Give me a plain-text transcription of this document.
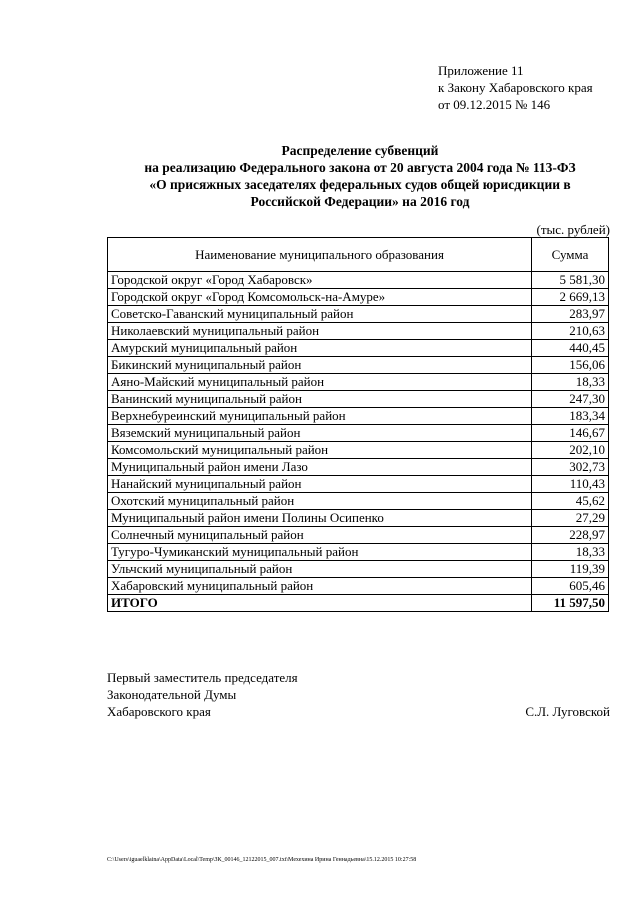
Приложение 11
к Закону Хабаровского края
от 09.12.2015 № 146
Распределение субвенций
на реализацию Федерального закона от 20 августа 2004 года № 113-ФЗ
«О присяжных заседателях федеральных судов общей юрисдикции в
Российской Федерации» на 2016 год
(тыс. рублей)
Наименование муниципального образования	Сумма
Городской округ «Город Хабаровск»	5 581,30
Городской округ «Город Комсомольск-на-Амуре»	2 669,13
Советско-Гаванский муниципальный район	283,97
Николаевский муниципальный район	210,63
Амурский муниципальный район	440,45
Бикинский муниципальный район	156,06
Аяно-Майский муниципальный район	18,33
Ванинский муниципальный район	247,30
Верхнебуреинский муниципальный район	183,34
Вяземский муниципальный район	146,67
Комсомольский муниципальный район	202,10
Муниципальный район имени Лазо	302,73
Нанайский муниципальный район	110,43
Охотский муниципальный район	45,62
Муниципальный район имени Полины Осипенко	27,29
Солнечный муниципальный район	228,97
Тугуро-Чумиканский муниципальный район	18,33
Ульчский муниципальный район	119,39
Хабаровский муниципальный район	605,46
ИТОГО	11 597,50
Первый заместитель председателя
Законодательной Думы
Хабаровского края	С.Л. Луговской
C:\Users\iguaelklaina\AppData\Local\Temp\ЗК_00146_12122015_007.txt\Мехехина Ирина Геннадьевна\15.12.2015 10:27:58
